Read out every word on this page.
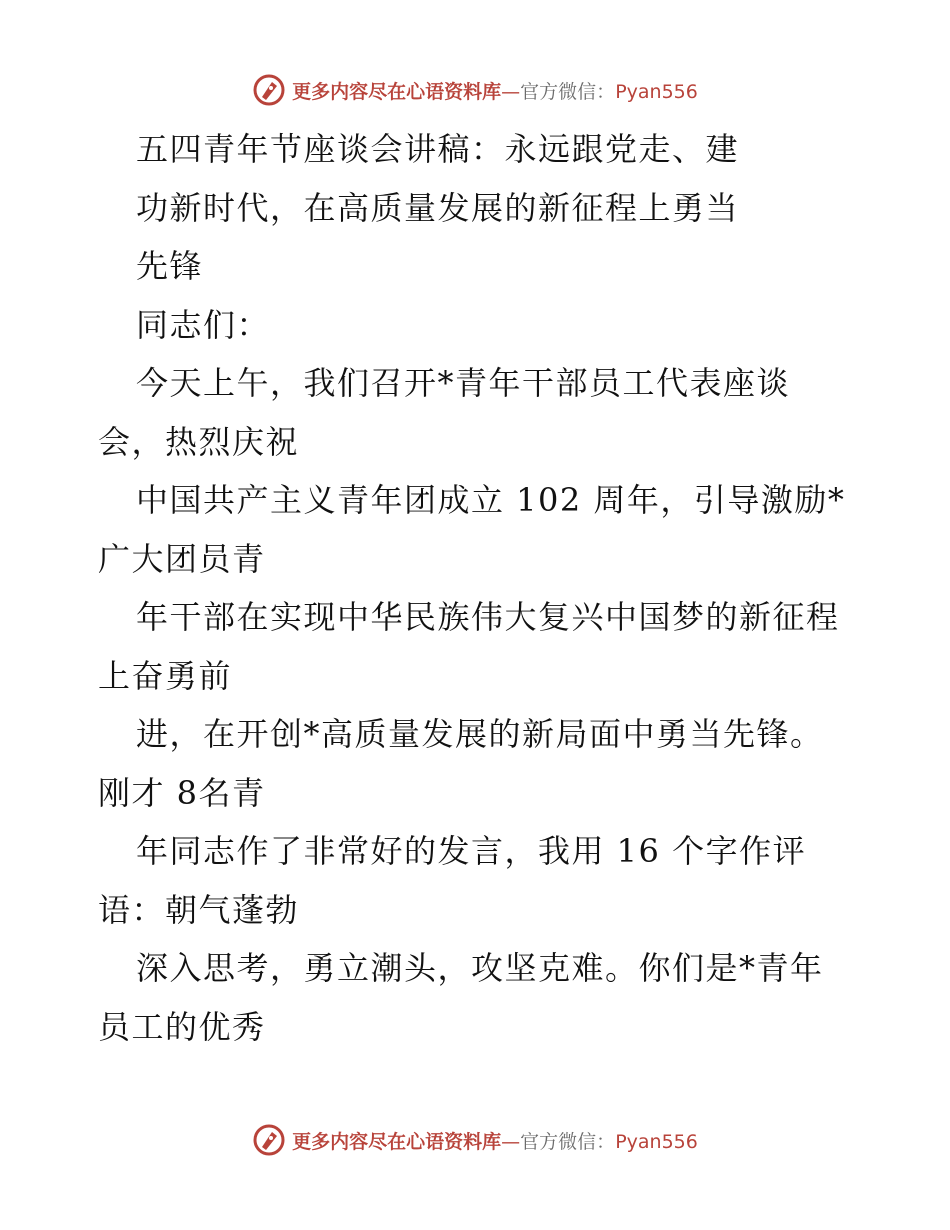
更多内容尽在心语资料库—官方微信：Pyan556
五四青年节座谈会讲稿：永远跟党走、建
功新时代，在高质量发展的新征程上勇当
先锋
同志们：
今天上午，我们召开*青年干部员工代表座谈
会，热烈庆祝
中国共产主义青年团成立 102 周年，引导激励*
广大团员青
年干部在实现中华民族伟大复兴中国梦的新征程
上奋勇前
进，在开创*高质量发展的新局面中勇当先锋。
刚才 8名青
年同志作了非常好的发言，我用 16 个字作评
语：朝气蓬勃
深入思考，勇立潮头，攻坚克难。你们是*青年
员工的优秀
更多内容尽在心语资料库—官方微信：Pyan556
